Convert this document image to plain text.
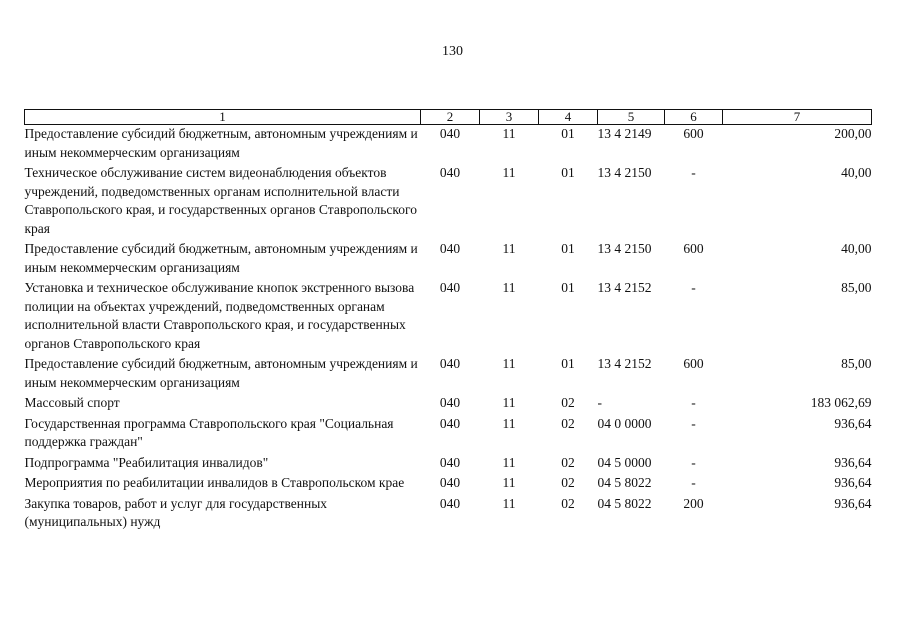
130
1	2	3	4	5	6	7
Предоставление субсидий бюджетным, автономным учреждениям и иным некоммерческим организациям	040	11	01	13 4 2149	600	200,00
Техническое обслуживание систем видеонаблюдения объектов учреждений, подведомственных органам исполнительной власти Ставропольского края, и государственных органов Ставропольского края	040	11	01	13 4 2150	-	40,00
Предоставление субсидий бюджетным, автономным учреждениям и иным некоммерческим организациям	040	11	01	13 4 2150	600	40,00
Установка и техническое обслуживание кнопок экстренного вызова полиции на объектах учреждений, подведомственных органам исполнительной власти Ставропольского края, и государственных органов Ставропольского края	040	11	01	13 4 2152	-	85,00
Предоставление субсидий бюджетным, автономным учреждениям и иным некоммерческим организациям	040	11	01	13 4 2152	600	85,00
Массовый спорт	040	11	02	-	-	183 062,69
Государственная программа Ставропольского края "Социальная поддержка граждан"	040	11	02	04 0 0000	-	936,64
Подпрограмма "Реабилитация инвалидов"	040	11	02	04 5 0000	-	936,64
Мероприятия по реабилитации инвалидов в Ставропольском крае	040	11	02	04 5 8022	-	936,64
Закупка товаров, работ и услуг для государственных (муниципальных) нужд	040	11	02	04 5 8022	200	936,64
